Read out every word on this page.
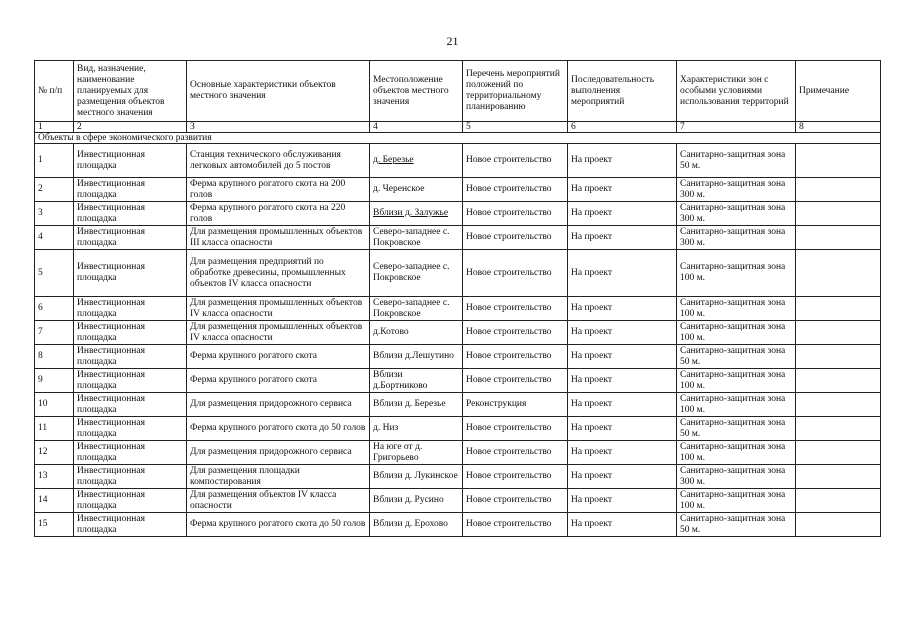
21
№ п/п	Вид, назначение, наименование планируемых для размещения объектов местного значения	Основные характеристики объектов местного значения	Местоположение объектов местного значения	Перечень мероприятий положений по территориальному планированию	Последовательность выполнения мероприятий	Характеристики зон с особыми условиями использования территорий	Примечание
1	2	3	4	5	6	7	8
Объекты в сфере экономического развития							
1	Инвестиционная площадка	Станция технического обслуживания легковых автомобилей до 5 постов	д. Березье	Новое строительство	На проект	Санитарно-защитная зона 50 м.	
2	Инвестиционная площадка	Ферма крупного рогатого скота на 200 голов	д. Черенское	Новое строительство	На проект	Санитарно-защитная зона 300 м.	
3	Инвестиционная площадка	Ферма крупного рогатого скота на 220 голов	Вблизи д. Залужье	Новое строительство	На проект	Санитарно-защитная зона 300 м.	
4	Инвестиционная площадка	Для размещения промышленных объектов III класса опасности	Северо-западнее с. Покровское	Новое строительство	На проект	Санитарно-защитная зона 300 м.	
5	Инвестиционная площадка	Для размещения предприятий по обработке древесины, промышленных объектов IV класса опасности	Северо-западнее с. Покровское	Новое строительство	На проект	Санитарно-защитная зона 100 м.	
6	Инвестиционная площадка	Для размещения промышленных объектов IV класса опасности	Северо-западнее с. Покровское	Новое строительство	На проект	Санитарно-защитная зона 100 м.	
7	Инвестиционная площадка	Для размещения промышленных объектов IV класса опасности	д.Котово	Новое строительство	На проект	Санитарно-защитная зона 100 м.	
8	Инвестиционная площадка	Ферма крупного рогатого скота	Вблизи д.Лешутино	Новое строительство	На проект	Санитарно-защитная зона 50 м.	
9	Инвестиционная площадка	Ферма крупного рогатого скота	Вблизи д.Бортниково	Новое строительство	На проект	Санитарно-защитная зона 100 м.	
10	Инвестиционная площадка	Для размещения придорожного сервиса	Вблизи д. Березье	Реконструкция	На проект	Санитарно-защитная зона 100 м.	
11	Инвестиционная площадка	Ферма крупного рогатого скота до 50 голов	д. Низ	Новое строительство	На проект	Санитарно-защитная зона 50 м.	
12	Инвестиционная площадка	Для размещения придорожного сервиса	На юге от д. Григорьево	Новое строительство	На проект	Санитарно-защитная зона 100 м.	
13	Инвестиционная площадка	Для размещения площадки компостирования	Вблизи д. Лукинское	Новое строительство	На проект	Санитарно-защитная зона 300 м.	
14	Инвестиционная площадка	Для размещения объектов IV класса опасности	Вблизи д. Русино	Новое строительство	На проект	Санитарно-защитная зона 100 м.	
15	Инвестиционная площадка	Ферма крупного рогатого скота до 50 голов	Вблизи д. Ерохово	Новое строительство	На проект	Санитарно-защитная зона 50 м.	
